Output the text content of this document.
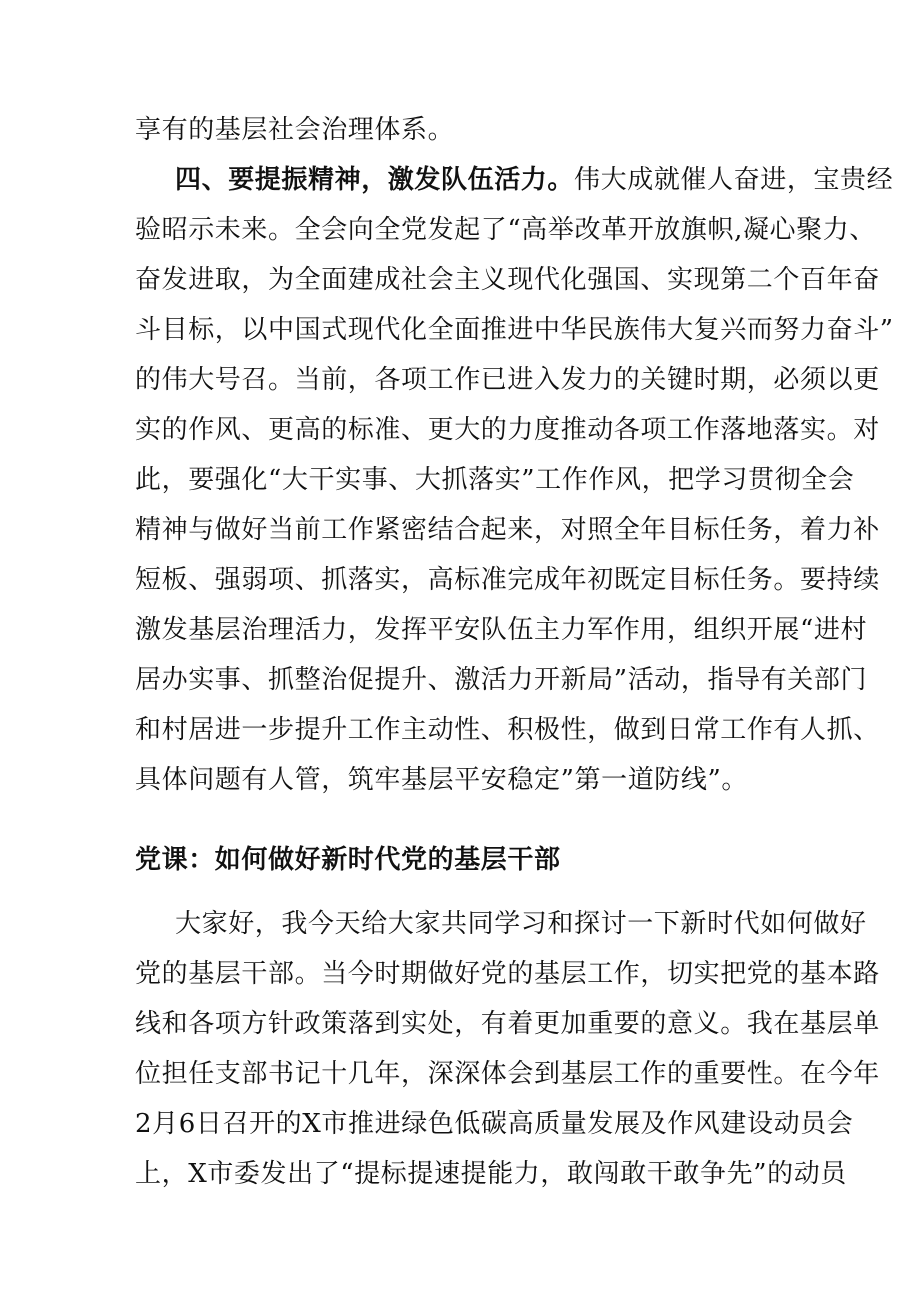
享有的基层社会治理体系。
四、要提振精神，激发队伍活力。伟大成就催人奋进，宝贵经
验昭示未来。全会向全党发起了“高举改革开放旗帜,凝心聚力、
奋发进取，为全面建成社会主义现代化强国、实现第二个百年奋
斗目标，以中国式现代化全面推进中华民族伟大复兴而努力奋斗”
的伟大号召。当前，各项工作已进入发力的关键时期，必须以更
实的作风、更高的标准、更大的力度推动各项工作落地落实。对
此，要强化“大干实事、大抓落实”工作作风，把学习贯彻全会
精神与做好当前工作紧密结合起来，对照全年目标任务，着力补
短板、强弱项、抓落实，高标准完成年初既定目标任务。要持续
激发基层治理活力，发挥平安队伍主力军作用，组织开展“进村
居办实事、抓整治促提升、激活力开新局”活动，指导有关部门
和村居进一步提升工作主动性、积极性，做到日常工作有人抓、
具体问题有人管，筑牢基层平安稳定”第一道防线”。
党课：如何做好新时代党的基层干部
大家好，我今天给大家共同学习和探讨一下新时代如何做好
党的基层干部。当今时期做好党的基层工作，切实把党的基本路
线和各项方针政策落到实处，有着更加重要的意义。我在基层单
位担任支部书记十几年，深深体会到基层工作的重要性。在今年
2月6日召开的X市推进绿色低碳高质量发展及作风建设动员会
上，X市委发出了“提标提速提能力，敢闯敢干敢争先”的动员
